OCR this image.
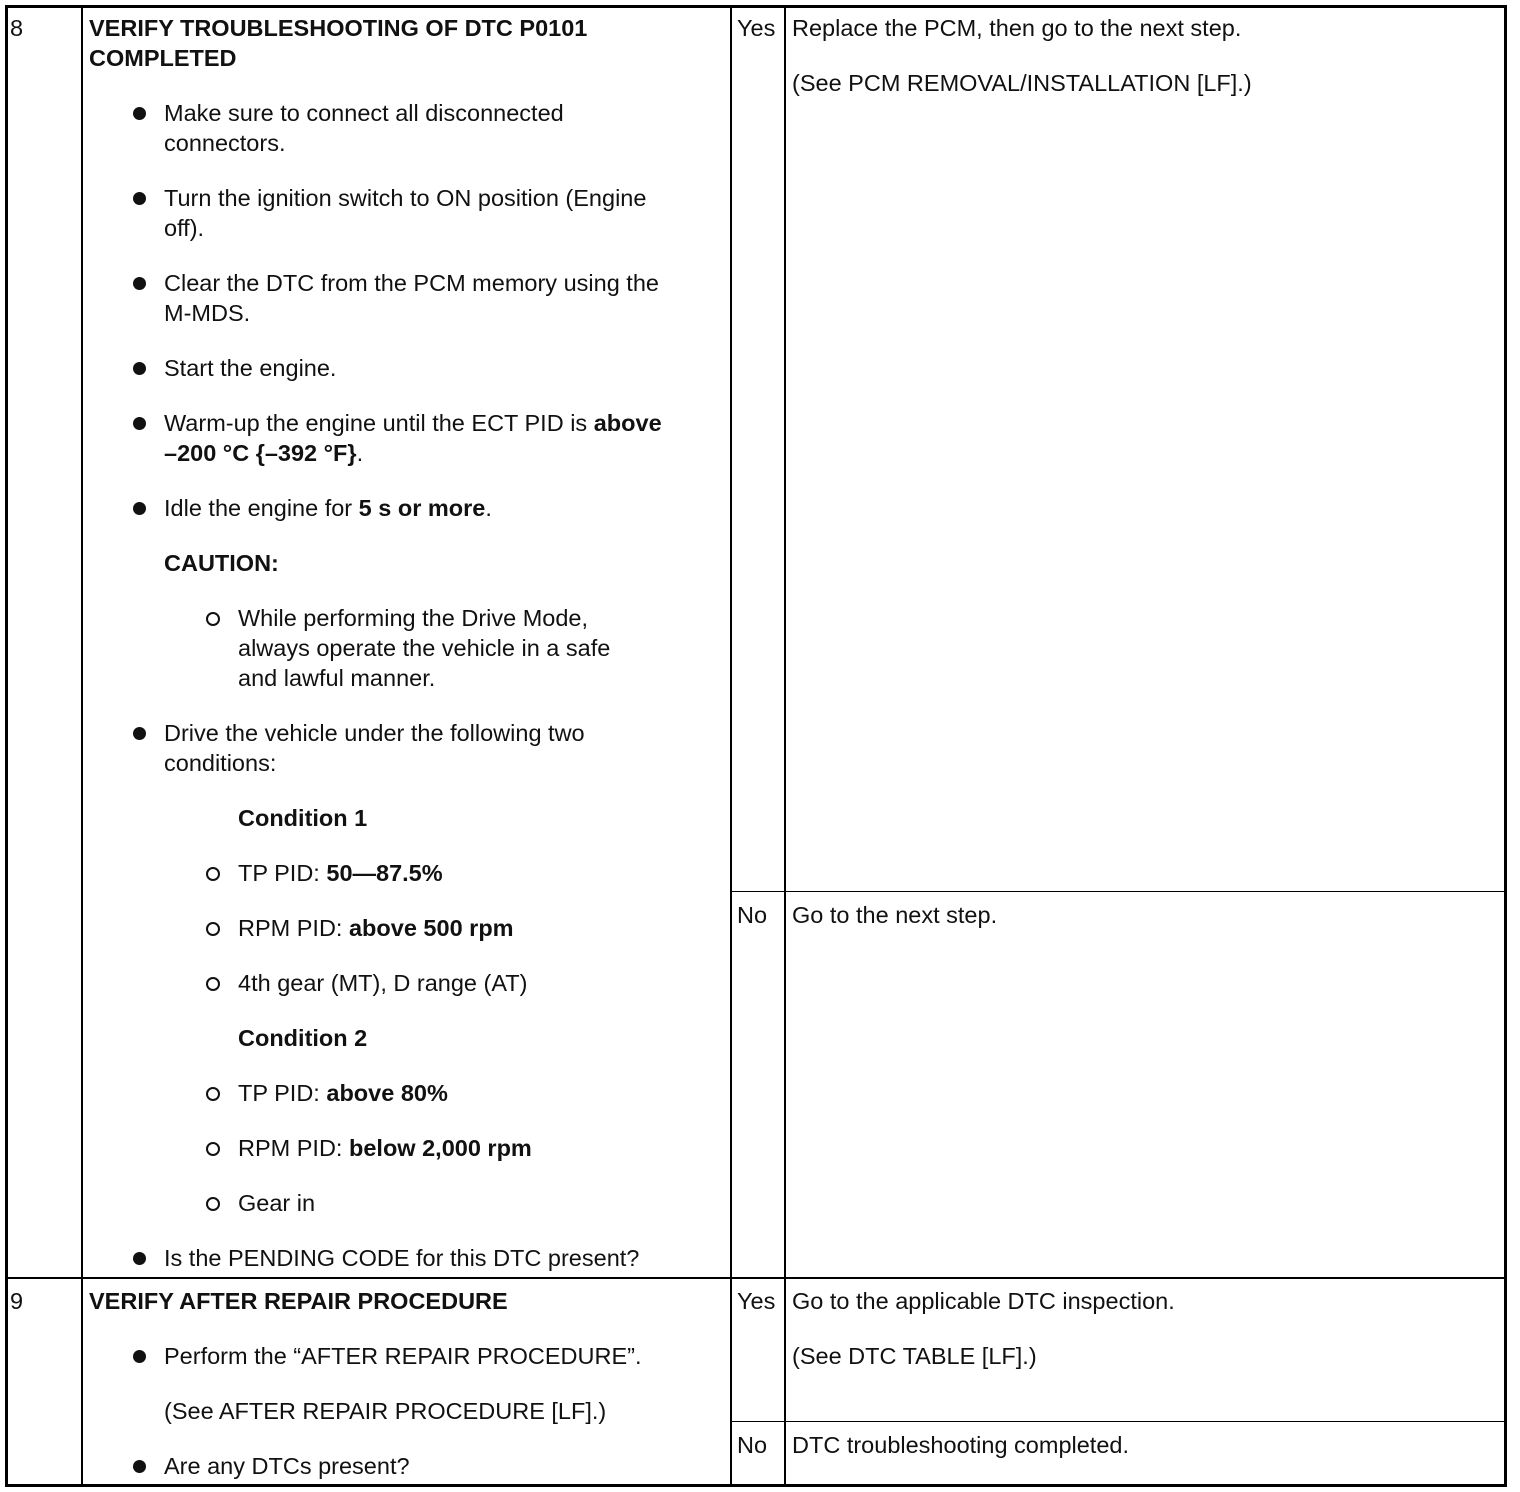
8	VERIFY TROUBLESHOOTING OF DTC P0101
COMPLETED
Make sure to connect all disconnected
connectors.
Turn the ignition switch to ON position (Engine
off).
Clear the DTC from the PCM memory using the
M-MDS.
Start the engine.
Warm-up the engine until the ECT PID is above
–200 °C {–392 °F}.
Idle the engine for 5 s or more.
CAUTION:
While performing the Drive Mode,
always operate the vehicle in a safe
and lawful manner.
Drive the vehicle under the following two
conditions:
Condition 1
TP PID: 50—87.5%
RPM PID: above 500 rpm
4th gear (MT), D range (AT)
Condition 2
TP PID: above 80%
RPM PID: below 2,000 rpm
Gear in
Is the PENDING CODE for this DTC present?
Yes Replace the PCM, then go to the next step.
(See PCM REMOVAL/INSTALLATION [LF].)
No Go to the next step.
9	VERIFY AFTER REPAIR PROCEDURE
Perform the “AFTER REPAIR PROCEDURE”.
(See AFTER REPAIR PROCEDURE [LF].)
Are any DTCs present?
Yes Go to the applicable DTC inspection.
(See DTC TABLE [LF].)
No DTC troubleshooting completed.
